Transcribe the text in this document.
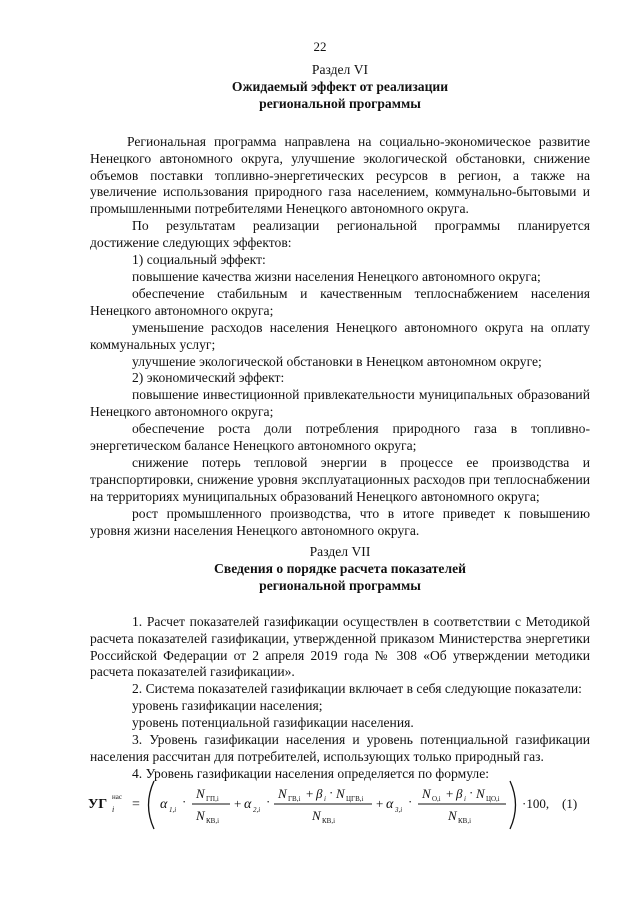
22
Раздел VI
Ожидаемый эффект от реализации
региональной программы

Региональная программа направлена на социально-экономическое развитие Ненецкого автономного округа, улучшение экологической обстановки, снижение объемов поставки топливно-энергетических ресурсов в регион, а также на увеличение использования природного газа населением, коммунально-бытовыми и промышленными потребителями Ненецкого автономного округа.

По результатам реализации региональной программы планируется достижение следующих эффектов:

1) социальный эффект:

повышение качества жизни населения Ненецкого автономного округа;

обеспечение стабильным и качественным теплоснабжением населения Ненецкого автономного округа;

уменьшение расходов населения Ненецкого автономного округа на оплату коммунальных услуг;

улучшение экологической обстановки в Ненецком автономном округе;

2) экономический эффект:

повышение инвестиционной привлекательности муниципальных образований Ненецкого автономного округа;

обеспечение роста доли потребления природного газа в топливно-энергетическом балансе Ненецкого автономного округа;

снижение потерь тепловой энергии в процессе ее производства и транспортировки, снижение уровня эксплуатационных расходов при теплоснабжении на территориях муниципальных образований Ненецкого автономного округа;

рост промышленного производства, что в итоге приведет к повышению уровня жизни населения Ненецкого автономного округа.

Раздел VII
Сведения о порядке расчета показателей
региональной программы

1. Расчет показателей газификации осуществлен в соответствии с Методикой расчета показателей газификации, утвержденной приказом Министерства энергетики Российской Федерации от 2 апреля 2019 года № 308 «Об утверждении методики расчета показателей газификации».

2. Система показателей газификации включает в себя следующие показатели:

уровень газификации населения;

уровень потенциальной газификации населения.

3. Уровень газификации населения и уровень потенциальной газификации населения рассчитан для потребителей, использующих только природный газ.

4. Уровень газификации населения определяется по формуле:

УГ нас
i = α 1,i
·
N ГП,i
N КВ,i
+ α 2,i
·
N ГВ,i + β i · N ЦГВ,i
N КВ,i
+ α 3,i
·
N О,i + β i · N ЦО,i
N КВ,i
·100, (1)
